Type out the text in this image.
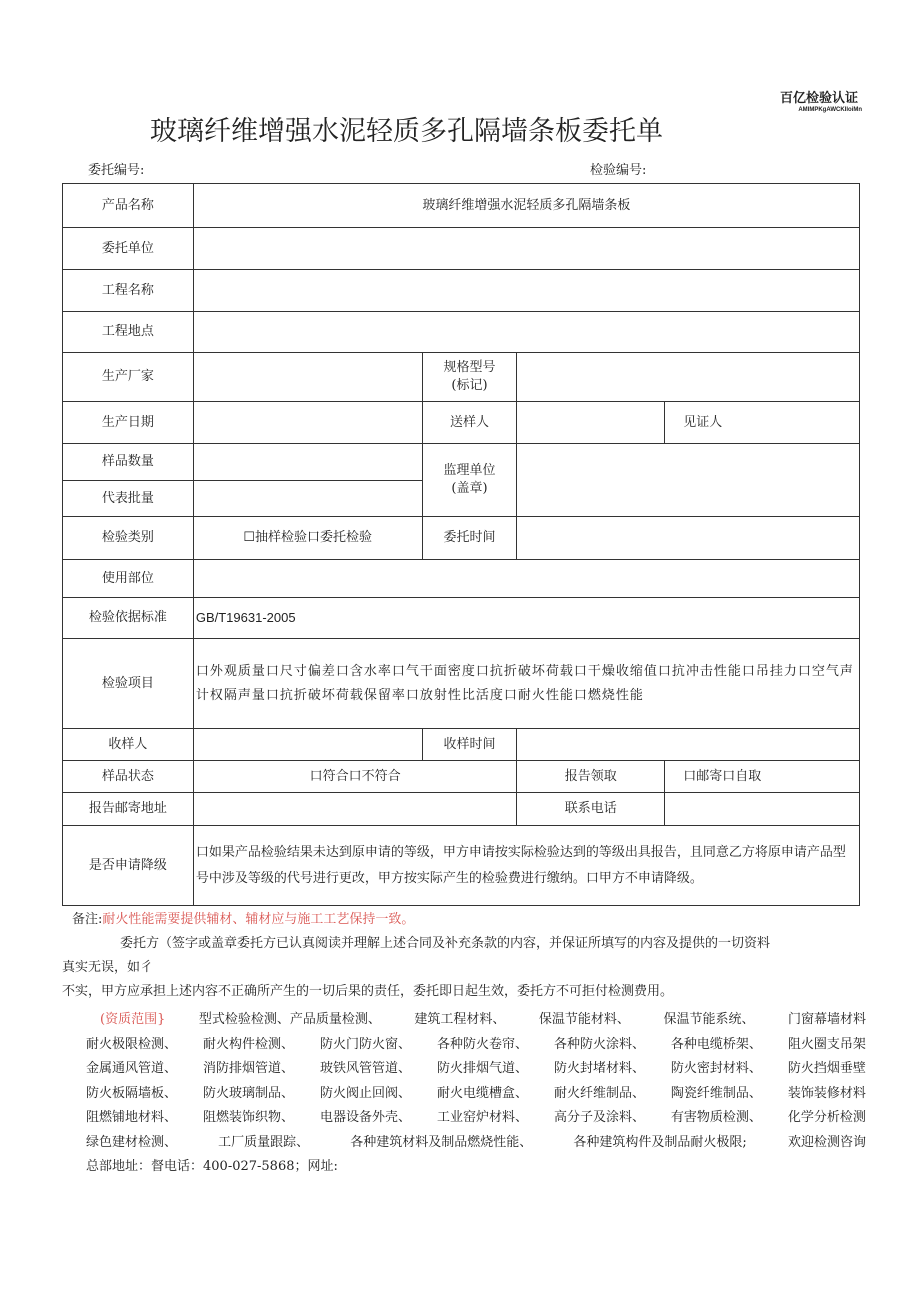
百亿检验认证
AMIMPKgAWCKIloiMn
玻璃纤维增强水泥轻质多孔隔墙条板委托单
委托编号:	检验编号:
产品名称	玻璃纤维增强水泥轻质多孔隔墙条板			
委托单位				
工程名称				
工程地点				
生产厂家		规格型号
(标记)		

生产日期		送样人		见证人
样品数量		监理单位
(盖章)		

代表批量				
检验类别	☐抽样检验口委托检验	委托时间		
使用部位				
检验依据标准	GB/T19631-2005			
检验项目	口外观质量口尺寸偏差口含水率口气干面密度口抗折破坏荷载口干燥收缩值口抗冲击性能口吊挂力口空气声计权隔声量口抗折破坏荷载保留率口放射性比活度口耐火性能口燃烧性能			
收样人		收样时间		
样品状态	口符合口不符合		报告领取	口邮寄口自取
报告邮寄地址			联系电话	
是否申请降级	口如果产品检验结果未达到原申请的等级，甲方申请按实际检验达到的等级出具报告，且同意乙方将原申请产品型号中涉及等级的代号进行更改，甲方按实际产生的检验费进行缴纳。口甲方不申请降级。			
备注:耐火性能需要提供辅材、辅材应与施工工艺保持一致。
委托方（签字或盖章委托方已认真阅读并理解上述合同及补充条款的内容，并保证所填写的内容及提供的一切资料
真实无误，如彳
不实，甲方应承担上述内容不正确所产生的一切后果的责任，委托即日起生效，委托方不可拒付检测费用。
(资质范围}	型式检验检测、产品质量检测、	建筑工程材料、	保温节能材料、	保温节能系统、	门窗幕墙材料
耐火极限检测、 耐火构件检测、 防火门防火窗、 各种防火卷帘、 各种防火涂料、 各种电缆桥架、 阻火圈支吊架
金属通风管道、 消防排烟管道、 玻铁风管管道、 防火排烟气道、 防火封堵材料、 防火密封材料、 防火挡烟垂壁
防火板隔墙板、 防火玻璃制品、 防火阀止回阀、 耐火电缆槽盒、 耐火纤维制品、 陶瓷纤维制品、 装饰装修材料
阻燃铺地材料、 阻燃装饰织物、 电器设备外壳、 工业窑炉材料、 高分子及涂料、 有害物质检测、 化学分析检测
绿色建材检测、	工厂质量跟踪、	各种建筑材料及制品燃烧性能、	各种建筑构件及制品耐火极限;	欢迎检测咨询
总部地址：督电话：400-027-5868；网址:
